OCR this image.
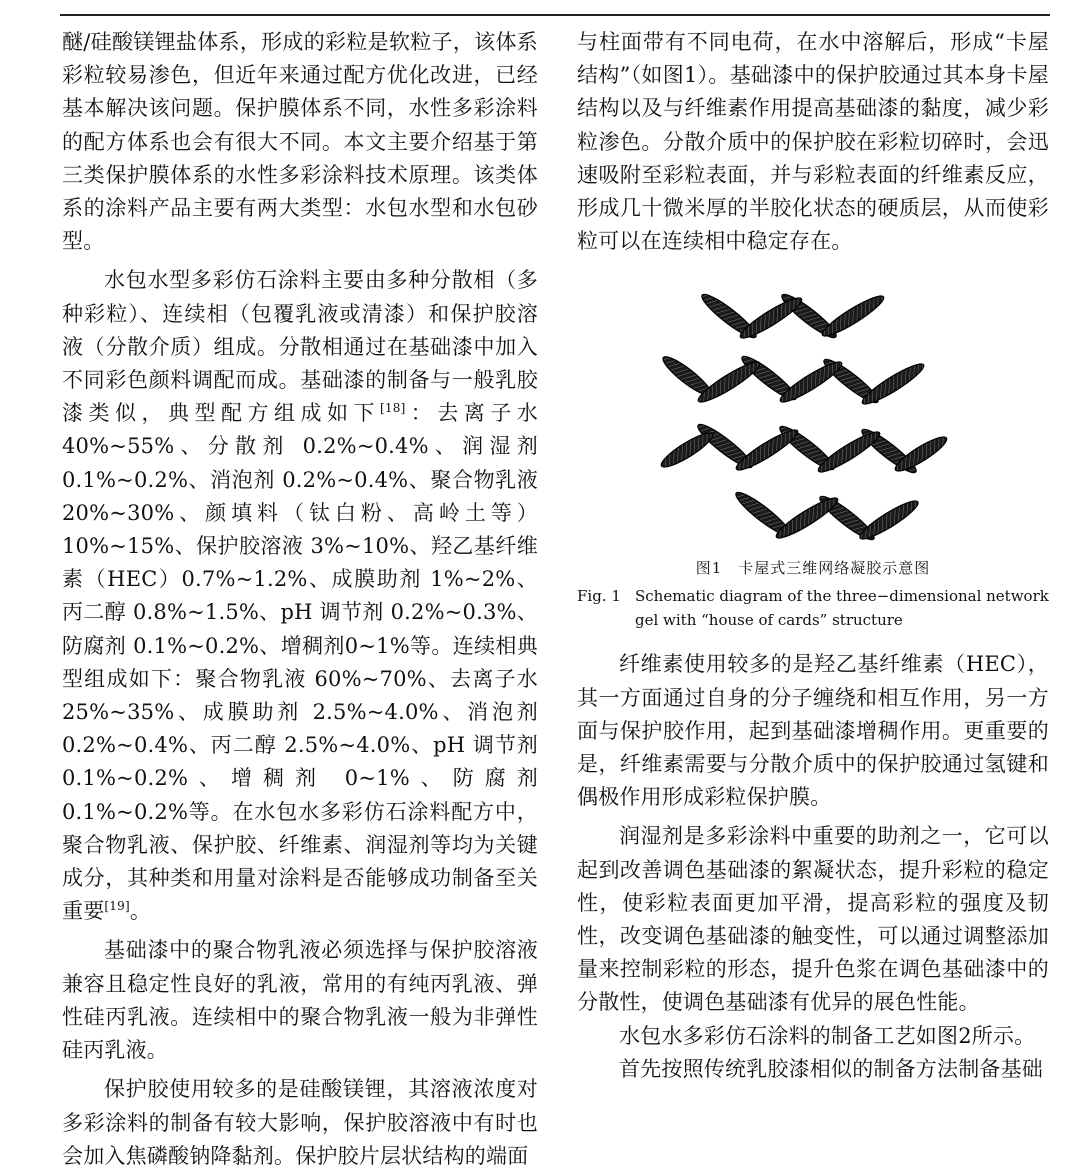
醚/硅酸镁锂盐体系，形成的彩粒是软粒子，该体系彩粒较易渗色，但近年来通过配方优化改进，已经基本解决该问题。保护膜体系不同，水性多彩涂料的配方体系也会有很大不同。本文主要介绍基于第三类保护膜体系的水性多彩涂料技术原理。该类体系的涂料产品主要有两大类型：水包水型和水包砂型。

水包水型多彩仿石涂料主要由多种分散相（多种彩粒）、连续相（包覆乳液或清漆）和保护胶溶液（分散介质）组成。分散相通过在基础漆中加入不同彩色颜料调配而成。基础漆的制备与一般乳胶漆类似，典型配方组成如下[18]：去离子水 40%~55%、分散剂 0.2%~0.4%、润湿剂 0.1%~0.2%、消泡剂 0.2%~0.4%、聚合物乳液 20%~30%、颜填料（钛白粉、高岭土等）10%~15%、保护胶溶液 3%~10%、羟乙基纤维素（HEC）0.7%~1.2%、成膜助剂 1%~2%、丙二醇 0.8%~1.5%、pH 调节剂 0.2%~0.3%、防腐剂 0.1%~0.2%、增稠剂0~1%等。连续相典型组成如下：聚合物乳液 60%~70%、去离子水 25%~35%、成膜助剂 2.5%~4.0%、消泡剂 0.2%~0.4%、丙二醇 2.5%~4.0%、pH 调节剂 0.1%~0.2%、增稠剂 0~1%、防腐剂 0.1%~0.2%等。在水包水多彩仿石涂料配方中，聚合物乳液、保护胶、纤维素、润湿剂等均为关键成分，其种类和用量对涂料是否能够成功制备至关重要[19]。

基础漆中的聚合物乳液必须选择与保护胶溶液兼容且稳定性良好的乳液，常用的有纯丙乳液、弹性硅丙乳液。连续相中的聚合物乳液一般为非弹性硅丙乳液。

保护胶使用较多的是硅酸镁锂，其溶液浓度对多彩涂料的制备有较大影响，保护胶溶液中有时也会加入焦磷酸钠降黏剂。保护胶片层状结构的端面

与柱面带有不同电荷，在水中溶解后，形成“卡屋结构”（如图1）。基础漆中的保护胶通过其本身卡屋结构以及与纤维素作用提高基础漆的黏度，减少彩粒渗色。分散介质中的保护胶在彩粒切碎时，会迅速吸附至彩粒表面，并与彩粒表面的纤维素反应，形成几十微米厚的半胶化状态的硬质层，从而使彩粒可以在连续相中稳定存在。

图1　卡屋式三维网络凝胶示意图
Fig. 1 Schematic diagram of the three−dimensional network gel with “house of cards” structure

纤维素使用较多的是羟乙基纤维素（HEC），其一方面通过自身的分子缠绕和相互作用，另一方面与保护胶作用，起到基础漆增稠作用。更重要的是，纤维素需要与分散介质中的保护胶通过氢键和偶极作用形成彩粒保护膜。

润湿剂是多彩涂料中重要的助剂之一，它可以起到改善调色基础漆的絮凝状态，提升彩粒的稳定性，使彩粒表面更加平滑，提高彩粒的强度及韧性，改变调色基础漆的触变性，可以通过调整添加量来控制彩粒的形态，提升色浆在调色基础漆中的分散性，使调色基础漆有优异的展色性能。

水包水多彩仿石涂料的制备工艺如图2所示。

首先按照传统乳胶漆相似的制备方法制备基础
